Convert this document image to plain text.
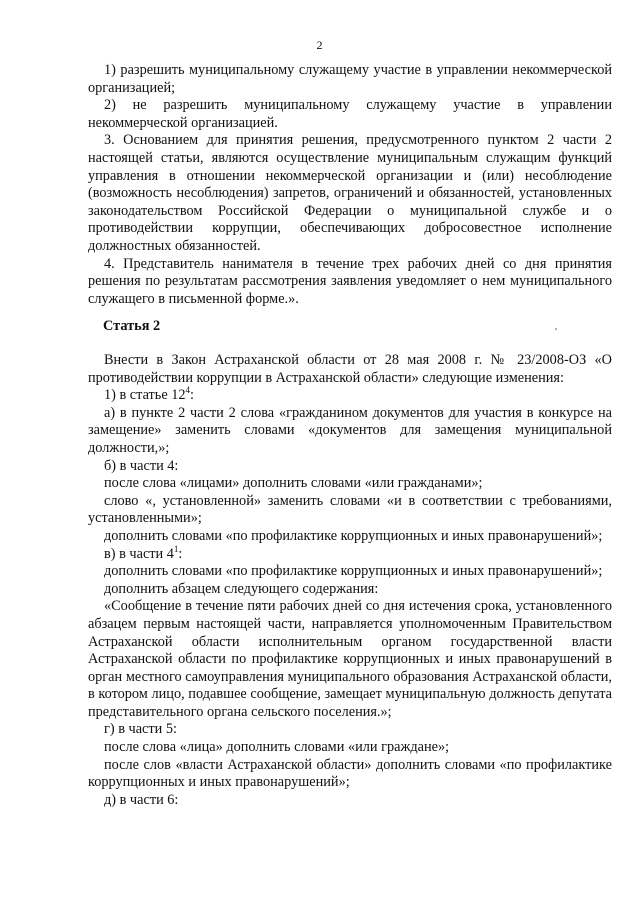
2

1) разрешить муниципальному служащему участие в управлении некоммерческой организацией;

2) не разрешить муниципальному служащему участие в управлении некоммерческой организацией.

3. Основанием для принятия решения, предусмотренного пунктом 2 части 2 настоящей статьи, являются осуществление муниципальным служащим функций управления в отношении некоммерческой организации и (или) несоблюдение (возможность несоблюдения) запретов, ограничений и обязанностей, установленных законодательством Российской Федерации о муниципальной службе и о противодействии коррупции, обеспечивающих добросовестное исполнение должностных обязанностей.

4. Представитель нанимателя в течение трех рабочих дней со дня принятия решения по результатам рассмотрения заявления уведомляет о нем муниципального служащего в письменной форме.».

Статья 2

Внести в Закон Астраханской области от 28 мая 2008 г. № 23/2008-ОЗ «О противодействии коррупции в Астраханской области» следующие изменения:

1) в статье $12^4$:

а) в пункте 2 части 2 слова «гражданином документов для участия в конкурсе на замещение» заменить словами «документов для замещения муниципальной должности,»;

б) в части 4:

после слова «лицами» дополнить словами «или гражданами»;

слово «, установленной» заменить словами «и в соответствии с требованиями, установленными»;

дополнить словами «по профилактике коррупционных и иных правонарушений»;

в) в части $4^1$:

дополнить словами «по профилактике коррупционных и иных правонарушений»;

дополнить абзацем следующего содержания:

«Сообщение в течение пяти рабочих дней со дня истечения срока, установленного абзацем первым настоящей части, направляется уполномоченным Правительством Астраханской области исполнительным органом государственной власти Астраханской области по профилактике коррупционных и иных правонарушений в орган местного самоуправления муниципального образования Астраханской области, в котором лицо, подавшее сообщение, замещает муниципальную должность депутата представительного органа сельского поселения.»;

г) в части 5:

после слова «лица» дополнить словами «или граждане»;

после слов «власти Астраханской области» дополнить словами «по профилактике коррупционных и иных правонарушений»;

д) в части 6:
